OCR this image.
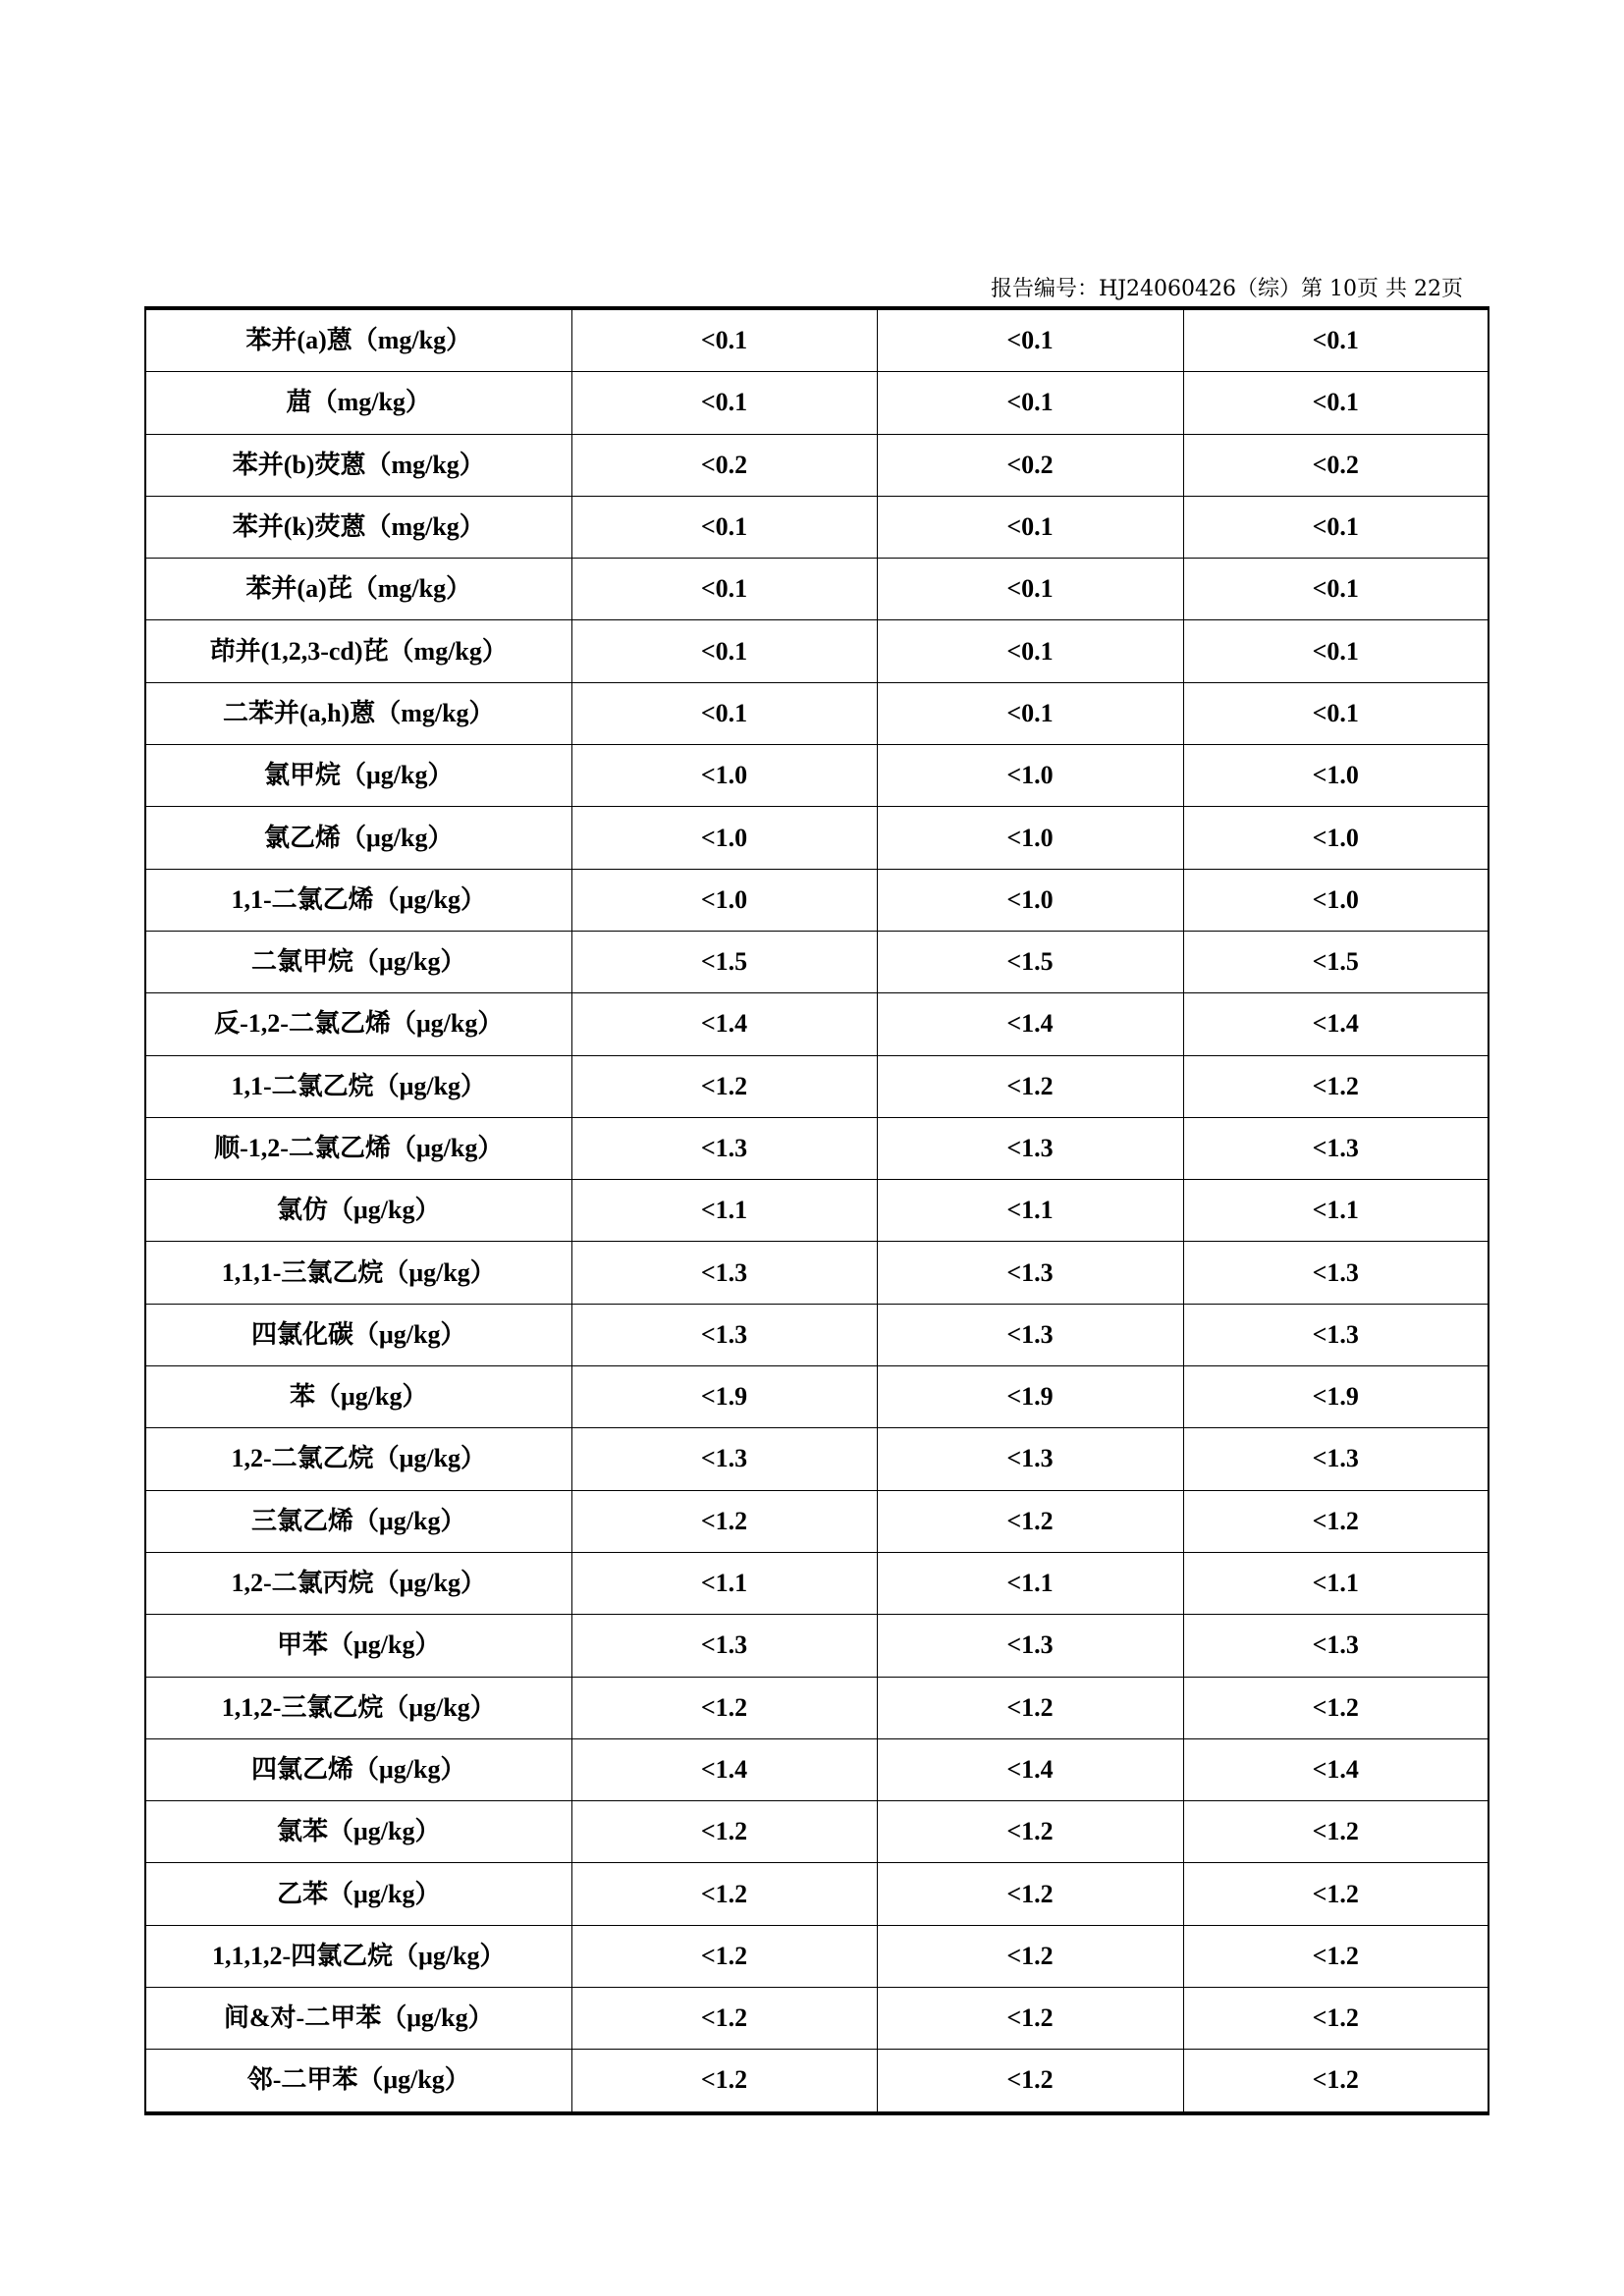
报告编号：HJ24060426（综）第 10页 共 22页
苯并(a)蒽（mg/kg）	<0.1	<0.1	<0.1
䓛（mg/kg）	<0.1	<0.1	<0.1
苯并(b)荧蒽（mg/kg）	<0.2	<0.2	<0.2
苯并(k)荧蒽（mg/kg）	<0.1	<0.1	<0.1
苯并(a)芘（mg/kg）	<0.1	<0.1	<0.1
茚并(1,2,3-cd)芘（mg/kg）	<0.1	<0.1	<0.1
二苯并(a,h)蒽（mg/kg）	<0.1	<0.1	<0.1
氯甲烷（μg/kg）	<1.0	<1.0	<1.0
氯乙烯（μg/kg）	<1.0	<1.0	<1.0
1,1-二氯乙烯（μg/kg）	<1.0	<1.0	<1.0
二氯甲烷（μg/kg）	<1.5	<1.5	<1.5
反-1,2-二氯乙烯（μg/kg）	<1.4	<1.4	<1.4
1,1-二氯乙烷（μg/kg）	<1.2	<1.2	<1.2
顺-1,2-二氯乙烯（μg/kg）	<1.3	<1.3	<1.3
氯仿（μg/kg）	<1.1	<1.1	<1.1
1,1,1-三氯乙烷（μg/kg）	<1.3	<1.3	<1.3
四氯化碳（μg/kg）	<1.3	<1.3	<1.3
苯（μg/kg）	<1.9	<1.9	<1.9
1,2-二氯乙烷（μg/kg）	<1.3	<1.3	<1.3
三氯乙烯（μg/kg）	<1.2	<1.2	<1.2
1,2-二氯丙烷（μg/kg）	<1.1	<1.1	<1.1
甲苯（μg/kg）	<1.3	<1.3	<1.3
1,1,2-三氯乙烷（μg/kg）	<1.2	<1.2	<1.2
四氯乙烯（μg/kg）	<1.4	<1.4	<1.4
氯苯（μg/kg）	<1.2	<1.2	<1.2
乙苯（μg/kg）	<1.2	<1.2	<1.2
1,1,1,2-四氯乙烷（μg/kg）	<1.2	<1.2	<1.2
间&对-二甲苯（μg/kg）	<1.2	<1.2	<1.2
邻-二甲苯（μg/kg）	<1.2	<1.2	<1.2
